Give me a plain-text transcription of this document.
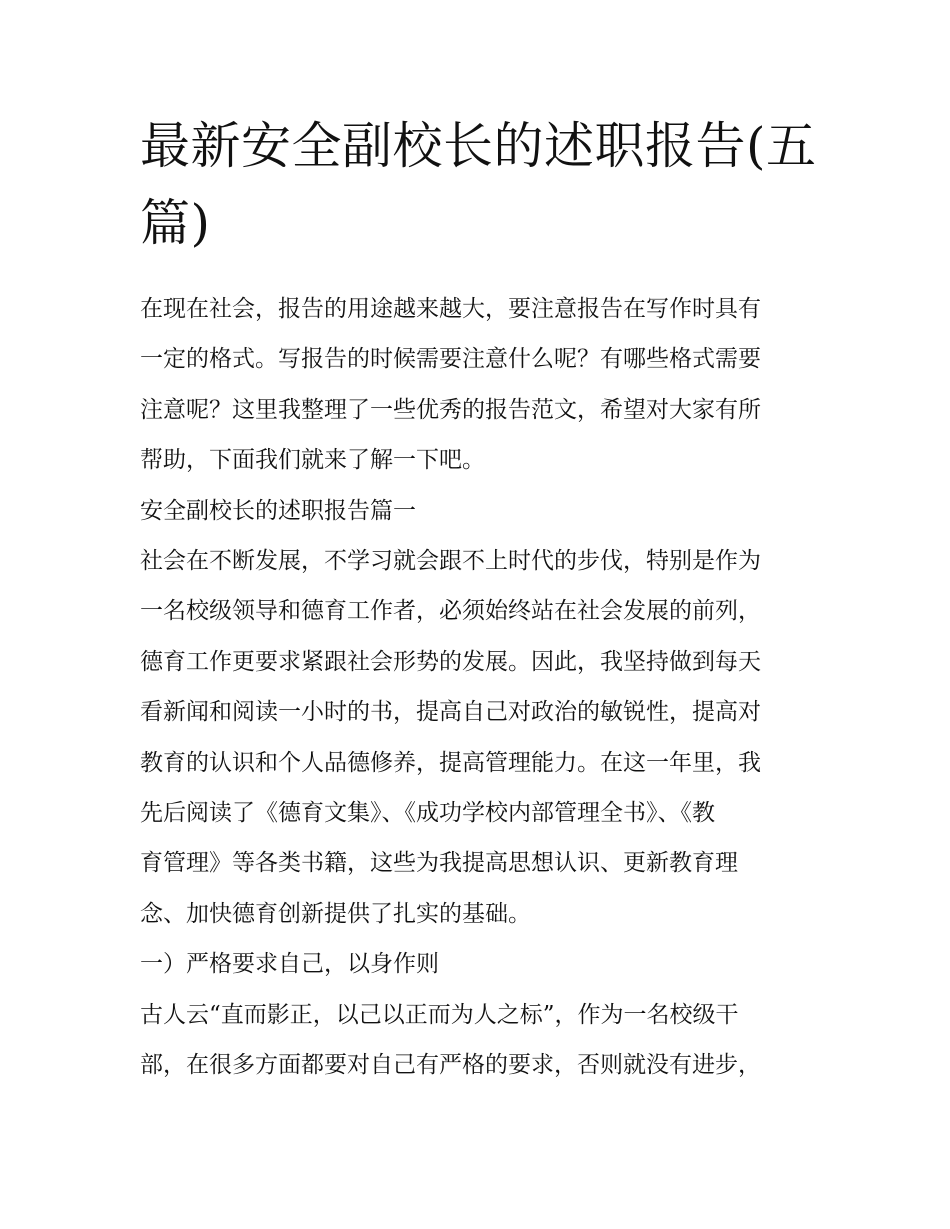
最新安全副校长的述职报告(五
篇)

在现在社会，报告的用途越来越大，要注意报告在写作时具有

一定的格式。写报告的时候需要注意什么呢？有哪些格式需要

注意呢？这里我整理了一些优秀的报告范文，希望对大家有所

帮助，下面我们就来了解一下吧。

安全副校长的述职报告篇一

社会在不断发展，不学习就会跟不上时代的步伐，特别是作为

一名校级领导和德育工作者，必须始终站在社会发展的前列，

德育工作更要求紧跟社会形势的发展。因此，我坚持做到每天

看新闻和阅读一小时的书，提高自己对政治的敏锐性，提高对

教育的认识和个人品德修养，提高管理能力。在这一年里，我

先后阅读了《德育文集》、《成功学校内部管理全书》、《教

育管理》等各类书籍，这些为我提高思想认识、更新教育理

念、加快德育创新提供了扎实的基础。

一）严格要求自己，以身作则

古人云“直而影正，以己以正而为人之标”，作为一名校级干

部，在很多方面都要对自己有严格的要求，否则就没有进步，
